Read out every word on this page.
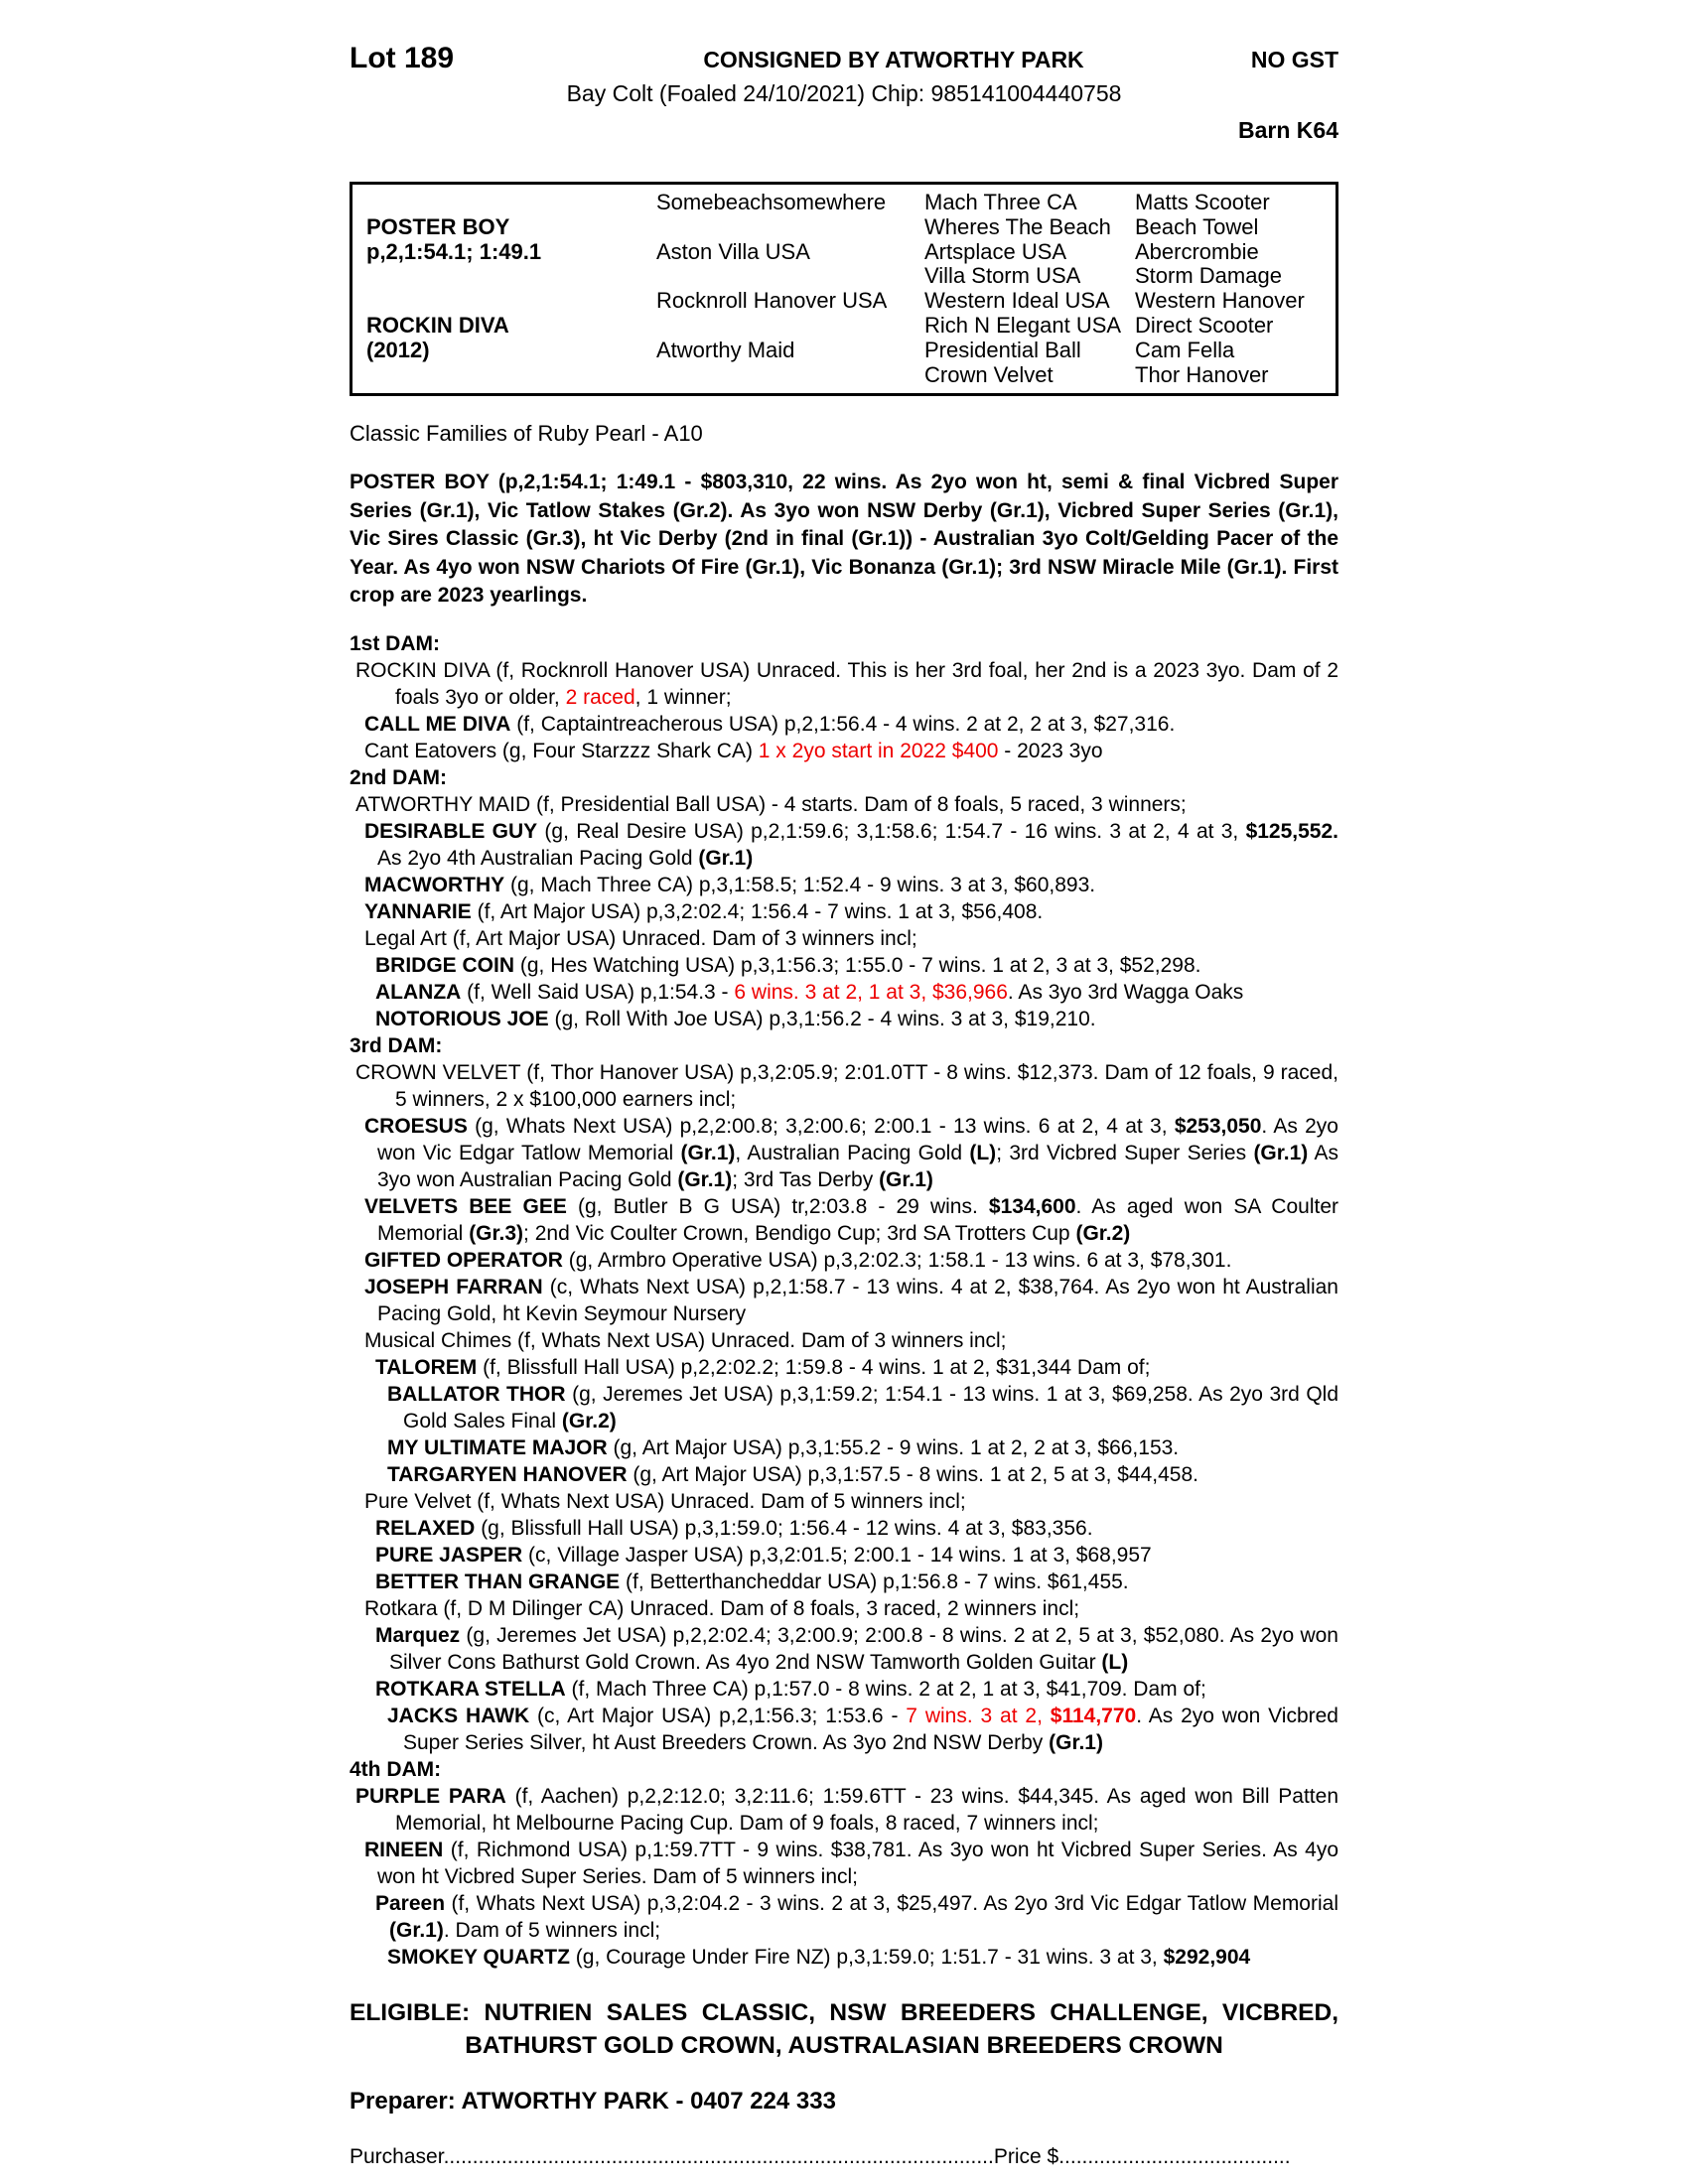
Lot 189	CONSIGNED BY ATWORTHY PARK	NO GST
Bay Colt (Foaled 24/10/2021) Chip: 985141004440758
Barn K64
POSTER BOY
p,2,1:54.1; 1:49.1
ROCKIN DIVA
(2012)
Somebeachsomewhere
Aston Villa USA
Rocknroll Hanover USA
Atworthy Maid
Mach Three CA
Wheres The Beach
Artsplace USA
Villa Storm USA
Western Ideal USA
Rich N Elegant USA
Presidential Ball
Crown Velvet
Matts Scooter
Beach Towel
Abercrombie
Storm Damage
Western Hanover
Direct Scooter
Cam Fella
Thor Hanover
Classic Families of Ruby Pearl - A10
POSTER BOY (p,2,1:54.1; 1:49.1 - $803,310, 22 wins. As 2yo won ht, semi & final Vicbred Super Series (Gr.1), Vic Tatlow Stakes (Gr.2). As 3yo won NSW Derby (Gr.1), Vicbred Super Series (Gr.1), Vic Sires Classic (Gr.3), ht Vic Derby (2nd in final (Gr.1)) - Australian 3yo Colt/Gelding Pacer of the Year. As 4yo won NSW Chariots Of Fire (Gr.1), Vic Bonanza (Gr.1); 3rd NSW Miracle Mile (Gr.1). First crop are 2023 yearlings.
1st DAM:
ROCKIN DIVA (f, Rocknroll Hanover USA) Unraced. This is her 3rd foal, her 2nd is a 2023 3yo. Dam of 2 foals 3yo or older, 2 raced, 1 winner;
CALL ME DIVA (f, Captaintreacherous USA) p,2,1:56.4 - 4 wins. 2 at 2, 2 at 3, $27,316.
Cant Eatovers (g, Four Starzzz Shark CA) 1 x 2yo start in 2022 $400 - 2023 3yo
2nd DAM:
ATWORTHY MAID (f, Presidential Ball USA) - 4 starts. Dam of 8 foals, 5 raced, 3 winners;
DESIRABLE GUY (g, Real Desire USA) p,2,1:59.6; 3,1:58.6; 1:54.7 - 16 wins. 3 at 2, 4 at 3, $125,552. As 2yo 4th Australian Pacing Gold (Gr.1)
MACWORTHY (g, Mach Three CA) p,3,1:58.5; 1:52.4 - 9 wins. 3 at 3, $60,893.
YANNARIE (f, Art Major USA) p,3,2:02.4; 1:56.4 - 7 wins. 1 at 3, $56,408.
Legal Art (f, Art Major USA) Unraced. Dam of 3 winners incl;
BRIDGE COIN (g, Hes Watching USA) p,3,1:56.3; 1:55.0 - 7 wins. 1 at 2, 3 at 3, $52,298.
ALANZA (f, Well Said USA) p,1:54.3 - 6 wins. 3 at 2, 1 at 3, $36,966. As 3yo 3rd Wagga Oaks
NOTORIOUS JOE (g, Roll With Joe USA) p,3,1:56.2 - 4 wins. 3 at 3, $19,210.
3rd DAM:
CROWN VELVET (f, Thor Hanover USA) p,3,2:05.9; 2:01.0TT - 8 wins. $12,373. Dam of 12 foals, 9 raced, 5 winners, 2 x $100,000 earners incl;
CROESUS (g, Whats Next USA) p,2,2:00.8; 3,2:00.6; 2:00.1 - 13 wins. 6 at 2, 4 at 3, $253,050. As 2yo won Vic Edgar Tatlow Memorial (Gr.1), Australian Pacing Gold (L); 3rd Vicbred Super Series (Gr.1) As 3yo won Australian Pacing Gold (Gr.1); 3rd Tas Derby (Gr.1)
VELVETS BEE GEE (g, Butler B G USA) tr,2:03.8 - 29 wins. $134,600. As aged won SA Coulter Memorial (Gr.3); 2nd Vic Coulter Crown, Bendigo Cup; 3rd SA Trotters Cup (Gr.2)
GIFTED OPERATOR (g, Armbro Operative USA) p,3,2:02.3; 1:58.1 - 13 wins. 6 at 3, $78,301.
JOSEPH FARRAN (c, Whats Next USA) p,2,1:58.7 - 13 wins. 4 at 2, $38,764. As 2yo won ht Australian Pacing Gold, ht Kevin Seymour Nursery
Musical Chimes (f, Whats Next USA) Unraced. Dam of 3 winners incl;
TALOREM (f, Blissfull Hall USA) p,2,2:02.2; 1:59.8 - 4 wins. 1 at 2, $31,344 Dam of;
BALLATOR THOR (g, Jeremes Jet USA) p,3,1:59.2; 1:54.1 - 13 wins. 1 at 3, $69,258. As 2yo 3rd Qld Gold Sales Final (Gr.2)
MY ULTIMATE MAJOR (g, Art Major USA) p,3,1:55.2 - 9 wins. 1 at 2, 2 at 3, $66,153.
TARGARYEN HANOVER (g, Art Major USA) p,3,1:57.5 - 8 wins. 1 at 2, 5 at 3, $44,458.
Pure Velvet (f, Whats Next USA) Unraced. Dam of 5 winners incl;
RELAXED (g, Blissfull Hall USA) p,3,1:59.0; 1:56.4 - 12 wins. 4 at 3, $83,356.
PURE JASPER (c, Village Jasper USA) p,3,2:01.5; 2:00.1 - 14 wins. 1 at 3, $68,957
BETTER THAN GRANGE (f, Betterthancheddar USA) p,1:56.8 - 7 wins. $61,455.
Rotkara (f, D M Dilinger CA) Unraced. Dam of 8 foals, 3 raced, 2 winners incl;
Marquez (g, Jeremes Jet USA) p,2,2:02.4; 3,2:00.9; 2:00.8 - 8 wins. 2 at 2, 5 at 3, $52,080. As 2yo won Silver Cons Bathurst Gold Crown. As 4yo 2nd NSW Tamworth Golden Guitar (L)
ROTKARA STELLA (f, Mach Three CA) p,1:57.0 - 8 wins. 2 at 2, 1 at 3, $41,709. Dam of;
JACKS HAWK (c, Art Major USA) p,2,1:56.3; 1:53.6 - 7 wins. 3 at 2, $114,770. As 2yo won Vicbred Super Series Silver, ht Aust Breeders Crown. As 3yo 2nd NSW Derby (Gr.1)
4th DAM:
PURPLE PARA (f, Aachen) p,2,2:12.0; 3,2:11.6; 1:59.6TT - 23 wins. $44,345. As aged won Bill Patten Memorial, ht Melbourne Pacing Cup. Dam of 9 foals, 8 raced, 7 winners incl;
RINEEN (f, Richmond USA) p,1:59.7TT - 9 wins. $38,781. As 3yo won ht Vicbred Super Series. As 4yo won ht Vicbred Super Series. Dam of 5 winners incl;
Pareen (f, Whats Next USA) p,3,2:04.2 - 3 wins. 2 at 3, $25,497. As 2yo 3rd Vic Edgar Tatlow Memorial (Gr.1). Dam of 5 winners incl;
SMOKEY QUARTZ (g, Courage Under Fire NZ) p,3,1:59.0; 1:51.7 - 31 wins. 3 at 3, $292,904
ELIGIBLE: NUTRIEN SALES CLASSIC, NSW BREEDERS CHALLENGE, VICBRED, BATHURST GOLD CROWN, AUSTRALASIAN BREEDERS CROWN
Preparer: ATWORTHY PARK - 0407 224 333
Purchaser...............................................................................................Price $........................................
